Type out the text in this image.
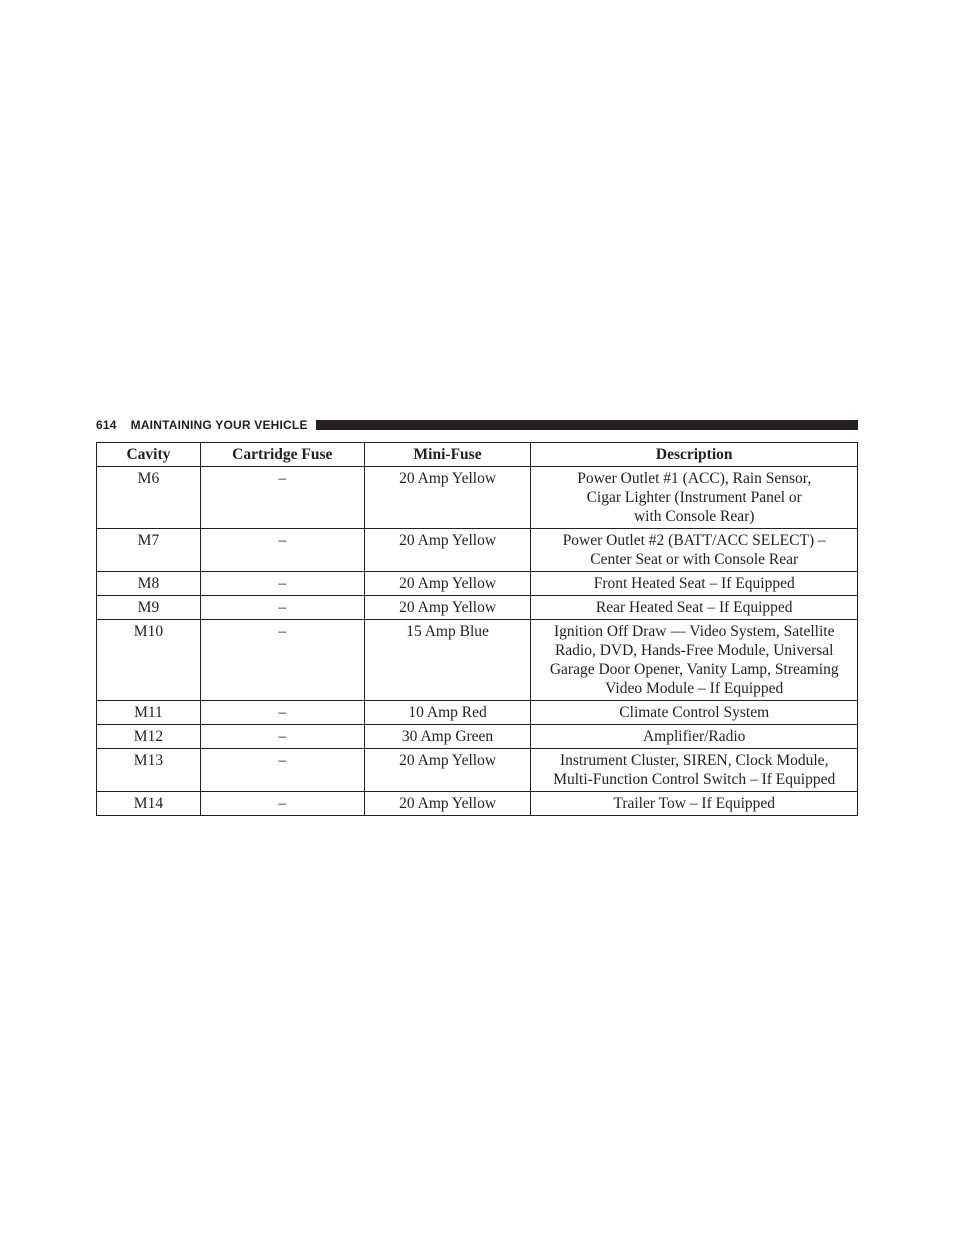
614 MAINTAINING YOUR VEHICLE
Cavity	Cartridge Fuse	Mini-Fuse	Description
M6	–	20 Amp Yellow	Power Outlet #1 (ACC), Rain Sensor,
Cigar Lighter (Instrument Panel or
with Console Rear)

M7	–	20 Amp Yellow	Power Outlet #2 (BATT/ACC SELECT) –
Center Seat or with Console Rear

M8	–	20 Amp Yellow	Front Heated Seat – If Equipped

M9	–	20 Amp Yellow	Rear Heated Seat – If Equipped

M10	–	15 Amp Blue	Ignition Off Draw — Video System, Satellite
Radio, DVD, Hands-Free Module, Universal
Garage Door Opener, Vanity Lamp, Streaming
Video Module – If Equipped

M11	–	10 Amp Red	Climate Control System

M12	–	30 Amp Green	Amplifier/Radio

M13	–	20 Amp Yellow	Instrument Cluster, SIREN, Clock Module,
Multi-Function Control Switch – If Equipped

M14	–	20 Amp Yellow	Trailer Tow – If Equipped
